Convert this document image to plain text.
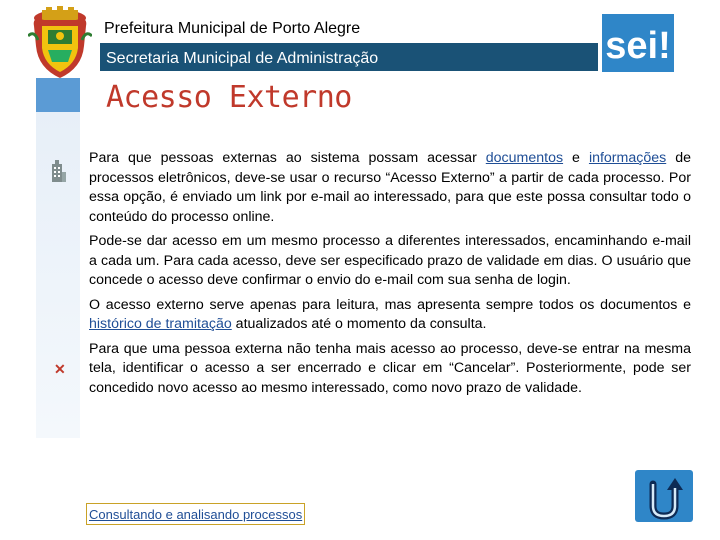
Prefeitura Municipal de Porto Alegre
Secretaria Municipal de Administração	sei!
Acesso Externo
✕

Para que pessoas externas ao sistema possam acessar documentos e informações de processos eletrônicos, deve-se usar o recurso “Acesso Externo” a partir de cada processo. Por essa opção, é enviado um link por e-mail ao interessado, para que este possa consultar todo o conteúdo do processo online.

Pode-se dar acesso em um mesmo processo a diferentes interessados, encaminhando e-mail a cada um. Para cada acesso, deve ser especificado prazo de validade em dias. O usuário que concede o acesso deve confirmar o envio do e-mail com sua senha de login.

O acesso externo serve apenas para leitura, mas apresenta sempre todos os documentos e histórico de tramitação atualizados até o momento da consulta.

Para que uma pessoa externa não tenha mais acesso ao processo, deve-se entrar na mesma tela, identificar o acesso a ser encerrado e clicar em “Cancelar”. Posteriormente, pode ser concedido novo acesso ao mesmo interessado, como novo prazo de validade.

Consultando e analisando processos
